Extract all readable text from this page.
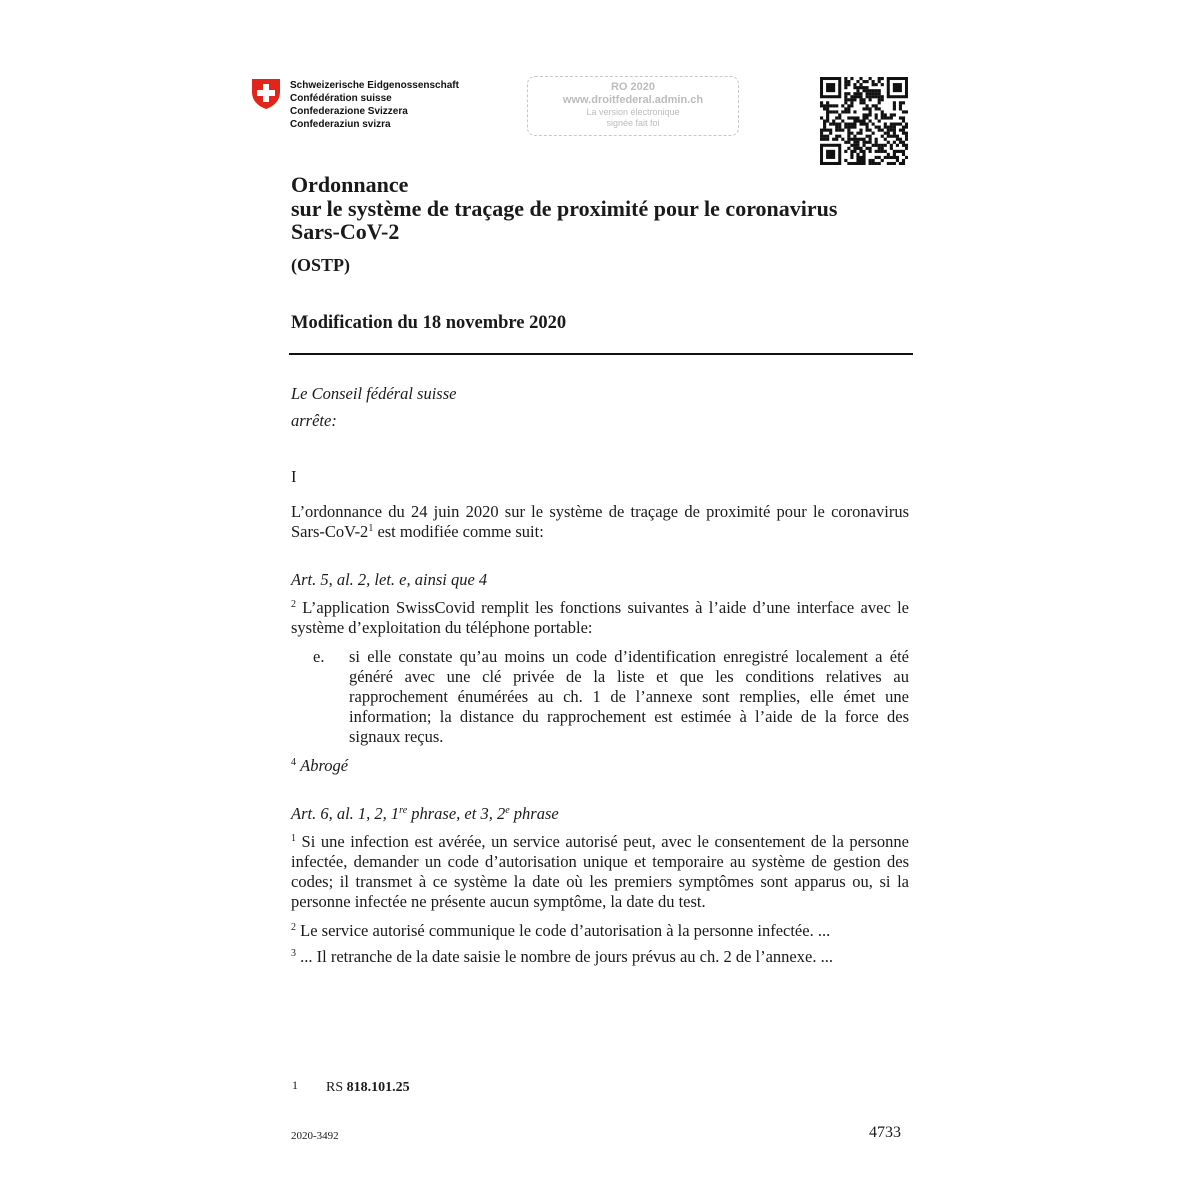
Schweizerische Eidgenossenschaft
Confédération suisse
Confederazione Svizzera
Confederaziun svizra
RO 2020
www.droitfederal.admin.ch
La version électronique
signée fait foi
Ordonnance
sur le système de traçage de proximité pour le coronavirus
Sars-CoV-2
(OSTP)
Modification du 18 novembre 2020
Le Conseil fédéral suisse
arrête:
I
L’ordonnance du 24 juin 2020 sur le système de traçage de proximité pour le coronavirus Sars-$CoV-2^1$ est modifiée comme suit:
Art. 5, al. 2, let. e, ainsi que 4
$^2$ L’application SwissCovid remplit les fonctions suivantes à l’aide d’une interface avec le système d’exploitation du téléphone portable:
e. si elle constate qu’au moins un code d’identification enregistré localement a été généré avec une clé privée de la liste et que les conditions relatives au rapprochement énumérées au ch. 1 de l’annexe sont remplies, elle émet une information; la distance du rapprochement est estimée à l’aide de la force des signaux reçus.
$^4$ Abrogé
Art. 6, al. 1, 2, 1re phrase, et 3, 2e phrase
$^1$ Si une infection est avérée, un service autorisé peut, avec le consentement de la personne infectée, demander un code d’autorisation unique et temporaire au système de gestion des codes; il transmet à ce système la date où les premiers symptômes sont apparus ou, si la personne infectée ne présente aucun symptôme, la date du test.
$^2$ Le service autorisé communique le code d’autorisation à la personne infectée. ...
$^3$ ... Il retranche de la date saisie le nombre de jours prévus au ch. 2 de l’annexe. ...
1 RS 818.101.25
2020-3492	4733
